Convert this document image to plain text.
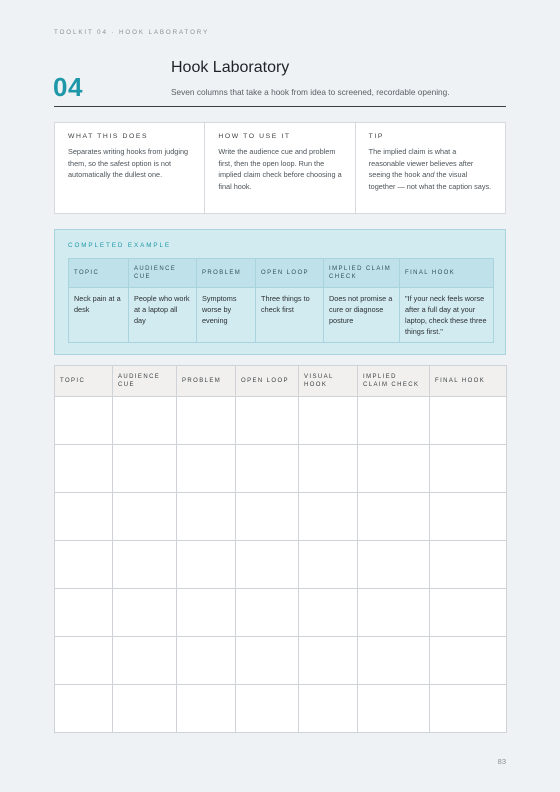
TOOLKIT 04 · HOOK LABORATORY
04
Hook Laboratory
Seven columns that take a hook from idea to screened, recordable opening.
WHAT THIS DOES
Separates writing hooks from judging them, so the safest option is not automatically the dullest one.
HOW TO USE IT
Write the audience cue and problem first, then the open loop. Run the implied claim check before choosing a final hook.
TIP
The implied claim is what a reasonable viewer believes after seeing the hook and the visual together — not what the caption says.
COMPLETED EXAMPLE
TOPIC	AUDIENCE CUE	PROBLEM	OPEN LOOP	IMPLIED CLAIM CHECK	FINAL HOOK
Neck pain at a desk	People who work at a laptop all day	Symptoms worse by evening	Three things to check first	Does not promise a cure or diagnose posture	"If your neck feels worse after a full day at your laptop, check these three things first."
TOPIC	AUDIENCE CUE	PROBLEM	OPEN LOOP	VISUAL HOOK	IMPLIED CLAIM CHECK	FINAL HOOK

83
